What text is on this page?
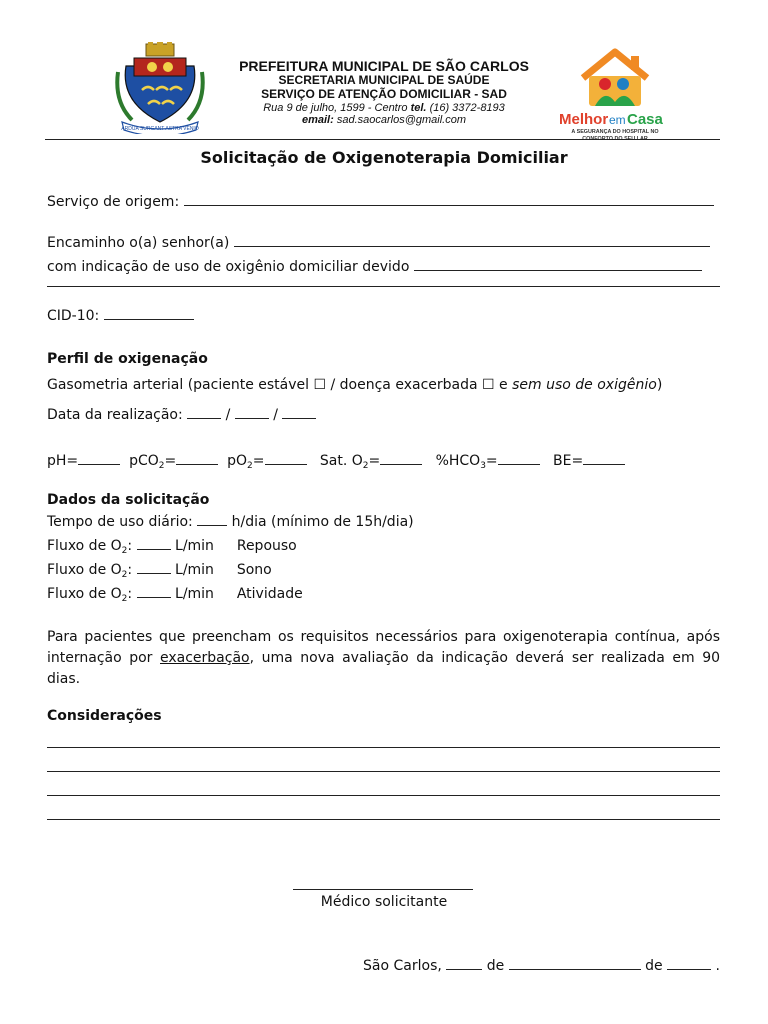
ARDUA SURGANT ASTRA VENIO
PREFEITURA MUNICIPAL DE SÃO CARLOS
SECRETARIA MUNICIPAL DE SAÚDE
SERVIÇO DE ATENÇÃO DOMICILIAR - SAD
Rua 9 de julho, 1599 - Centro tel. (16) 3372-8193
email: sad.saocarlos@gmail.com	Melhor em Casa
A SEGURANÇA DO HOSPITAL NO
CONFORTO DO SEU LAR
Solicitação de Oxigenoterapia Domiciliar
Serviço de origem:
Encaminho o(a) senhor(a)
com indicação de uso de oxigênio domiciliar devido
CID-10:
Perfil de oxigenação
Gasometria arterial (paciente estável ☐ / doença exacerbada ☐ e sem uso de oxigênio)
Data da realização:	/	/
pH=	pCO$_2$=	$pO_2=$	Sat. $O_2=$	$\%HCO_3=$	BE=
Dados da solicitação
Tempo de uso diário:	h/dia (mínimo de 15h/dia)
Fluxo de $O_2$:	L/min Repouso
Fluxo de $O_2$:	L/min Sono
Fluxo de $O_2$:	L/min Atividade
Para pacientes que preencham os requisitos necessários para oxigenoterapia contínua, após internação por exacerbação, uma nova avaliação da indicação deverá ser realizada em 90 dias.
Considerações
Médico solicitante
São Carlos,	de	de	.
